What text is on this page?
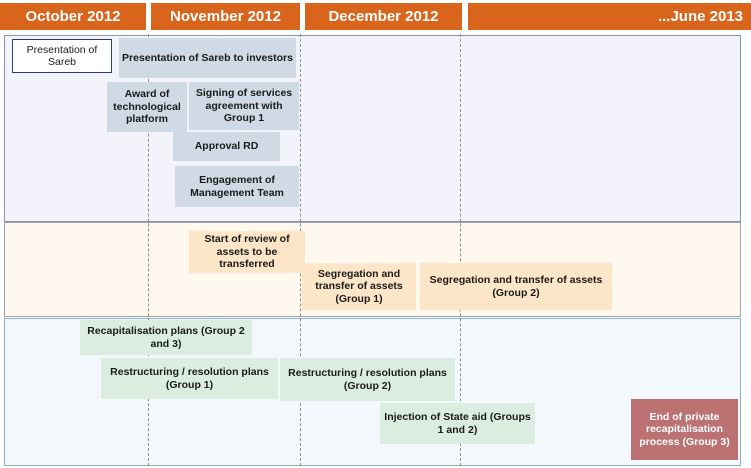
October 2012	November 2012	December 2012	...June 2013
Presentation of Sareb	Presentation of Sareb to investors
Award of technological platform
Signing of services agreement with Group 1
Approval RD
Engagement of Management Team
Start of review of assets to be transferred
Segregation and transfer of assets (Group 1)
Segregation and transfer of assets (Group 2)
Recapitalisation plans (Group 2 and 3)
Restructuring / resolution plans (Group 1)
Restructuring / resolution plans (Group 2)
Injection of State aid (Groups 1 and 2)
End of private recapitalisation process (Group 3)
